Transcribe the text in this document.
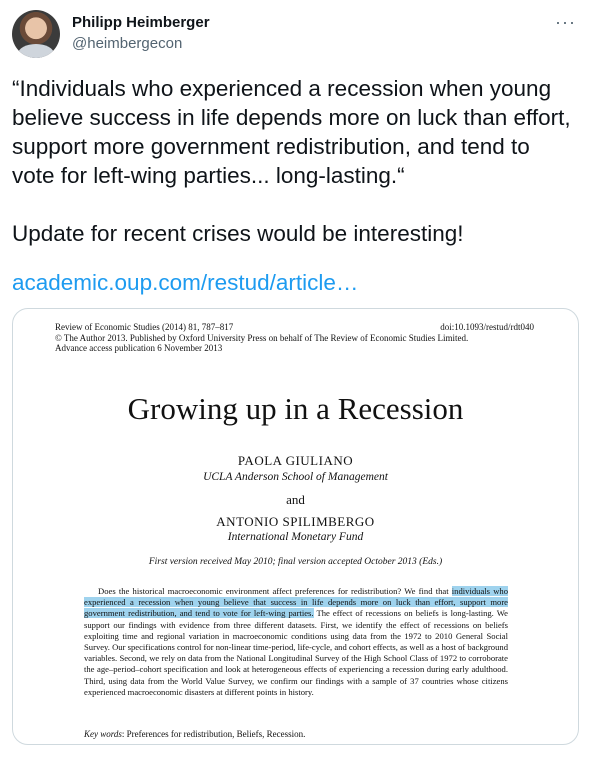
Philipp Heimberger
@heimbergecon
···

“Individuals who experienced a recession when young believe success in life depends more on luck than effort, support more government redistribution, and tend to vote for left-wing parties... long-lasting.“

Update for recent crises would be interesting!

academic.oup.com/restud/article…
Review of Economic Studies (2014) 81, 787–817
© The Author 2013. Published by Oxford University Press on behalf of The Review of Economic Studies Limited.
Advance access publication 6 November 2013
doi:10.1093/restud/rdt040
Growing up in a Recession
PAOLA GIULIANO
UCLA Anderson School of Management
and
ANTONIO SPILIMBERGO
International Monetary Fund
First version received May 2010; final version accepted October 2013 (Eds.)

Does the historical macroeconomic environment affect preferences for redistribution? We find that individuals who experienced a recession when young believe that success in life depends more on luck than effort, support more government redistribution, and tend to vote for left-wing parties. The effect of recessions on beliefs is long-lasting. We support our findings with evidence from three different datasets. First, we identify the effect of recessions on beliefs exploiting time and regional variation in macroeconomic conditions using data from the 1972 to 2010 General Social Survey. Our specifications control for non-linear time-period, life-cycle, and cohort effects, as well as a host of background variables. Second, we rely on data from the National Longitudinal Survey of the High School Class of 1972 to corroborate the age–period–cohort specification and look at heterogeneous effects of experiencing a recession during early adulthood. Third, using data from the World Value Survey, we confirm our findings with a sample of 37 countries whose citizens experienced macroeconomic disasters at different points in history.

Key words: Preferences for redistribution, Beliefs, Recession.
